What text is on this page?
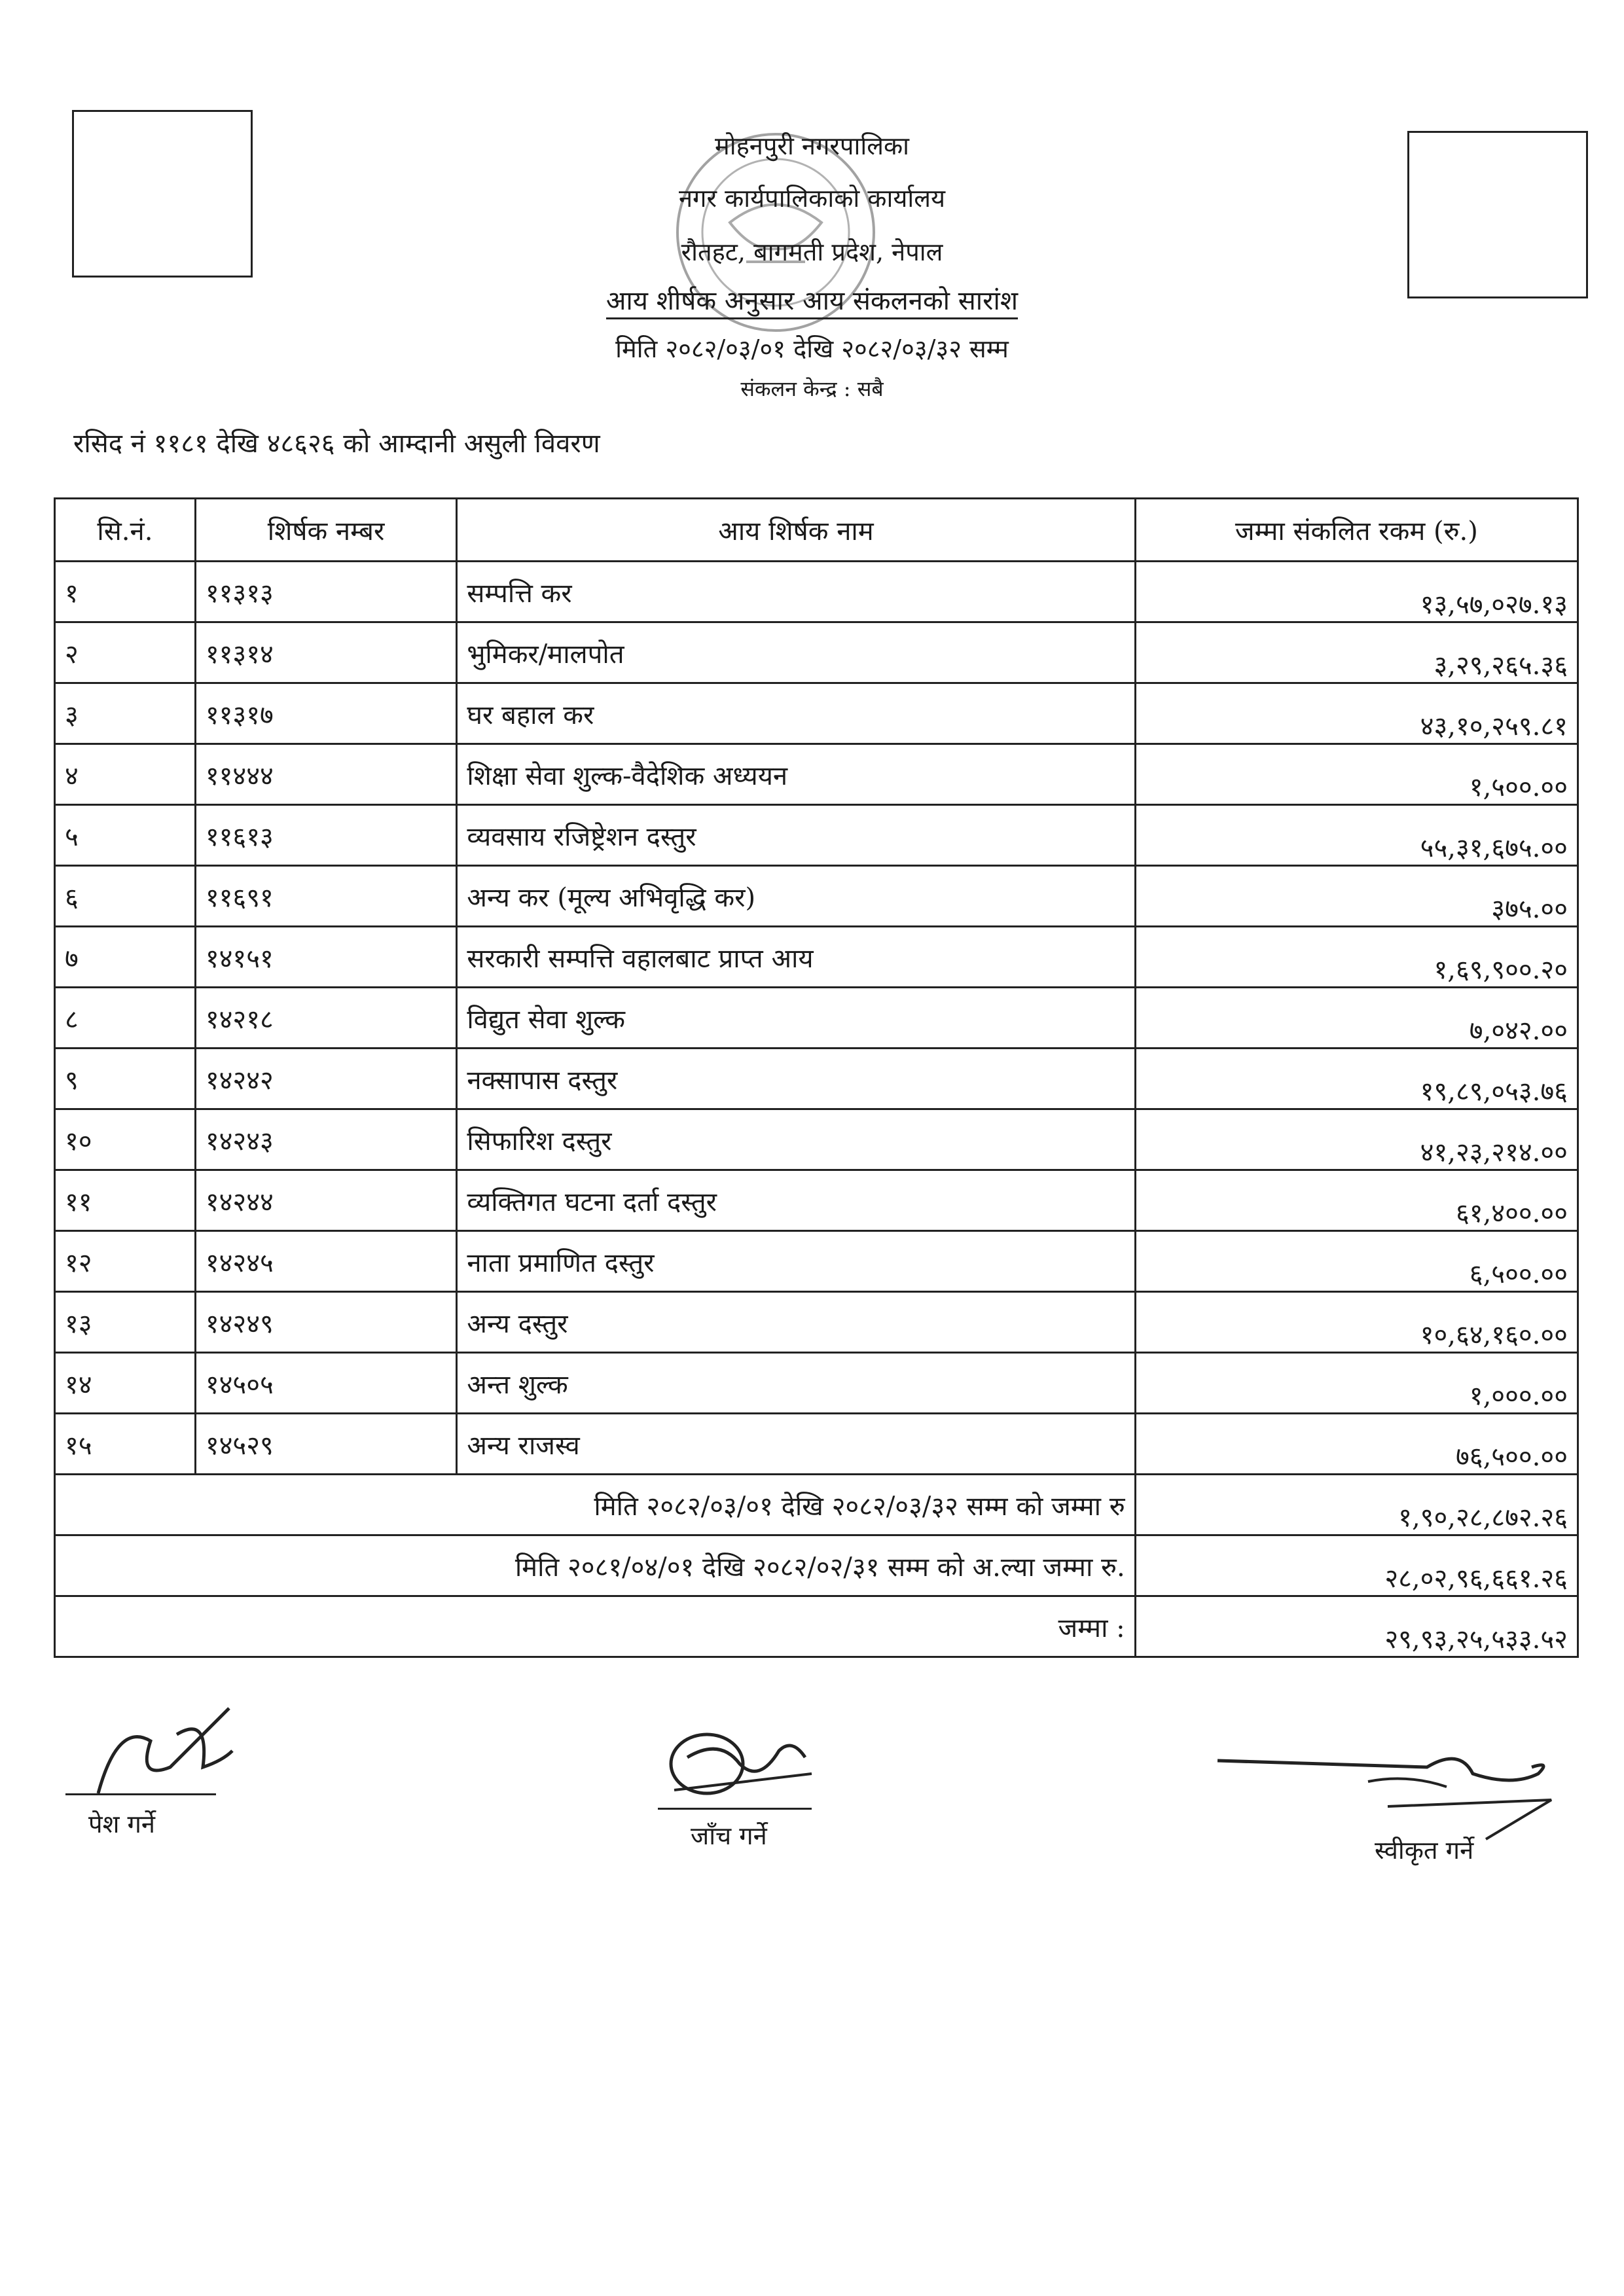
मोहनपुरी नगरपालिका
नगर कार्यपालिकाको कार्यालय
रौतहट, बागमती प्रदेश, नेपाल
आय शीर्षक अनुसार आय संकलनको सारांश
मिति २०८२/०३/०१ देखि २०८२/०३/३२ सम्म
संकलन केन्द्र : सबै
रसिद नं ११८१ देखि ४८६२६ को आम्दानी असुली विवरण
सि.नं.	शिर्षक नम्बर	आय शिर्षक नाम	जम्मा संकलित रकम (रु.)
१	११३१३	सम्पत्ति कर	१३,५७,०२७.१३
२	११३१४	भुमिकर/मालपोत	३,२९,२६५.३६
३	११३१७	घर बहाल कर	४३,१०,२५९.८१
४	११४४४	शिक्षा सेवा शुल्क-वैदेशिक अध्ययन	१,५००.००
५	११६१३	व्यवसाय रजिष्ट्रेशन दस्तुर	५५,३१,६७५.००
६	११६९१	अन्य कर (मूल्य अभिवृद्धि कर)	३७५.००
७	१४१५१	सरकारी सम्पत्ति वहालबाट प्राप्त आय	१,६९,९००.२०
८	१४२१८	विद्युत सेवा शुल्क	७,०४२.००
९	१४२४२	नक्सापास दस्तुर	१९,८९,०५३.७६
१०	१४२४३	सिफारिश दस्तुर	४१,२३,२१४.००
११	१४२४४	व्यक्तिगत घटना दर्ता दस्तुर	६१,४००.००
१२	१४२४५	नाता प्रमाणित दस्तुर	६,५००.००
१३	१४२४९	अन्य दस्तुर	१०,६४,१६०.००
१४	१४५०५	अन्त शुल्क	१,०००.००
१५	१४५२९	अन्य राजस्व	७६,५००.००
मिति २०८२/०३/०१ देखि २०८२/०३/३२ सम्म को जम्मा रु			१,९०,२८,८७२.२६
मिति २०८१/०४/०१ देखि २०८२/०२/३१ सम्म को अ.ल्या जम्मा रु.			२८,०२,९६,६६१.२६
जम्मा :			२९,९३,२५,५३३.५२
पेश गर्ने	जाँच गर्ने	स्वीकृत गर्ने
